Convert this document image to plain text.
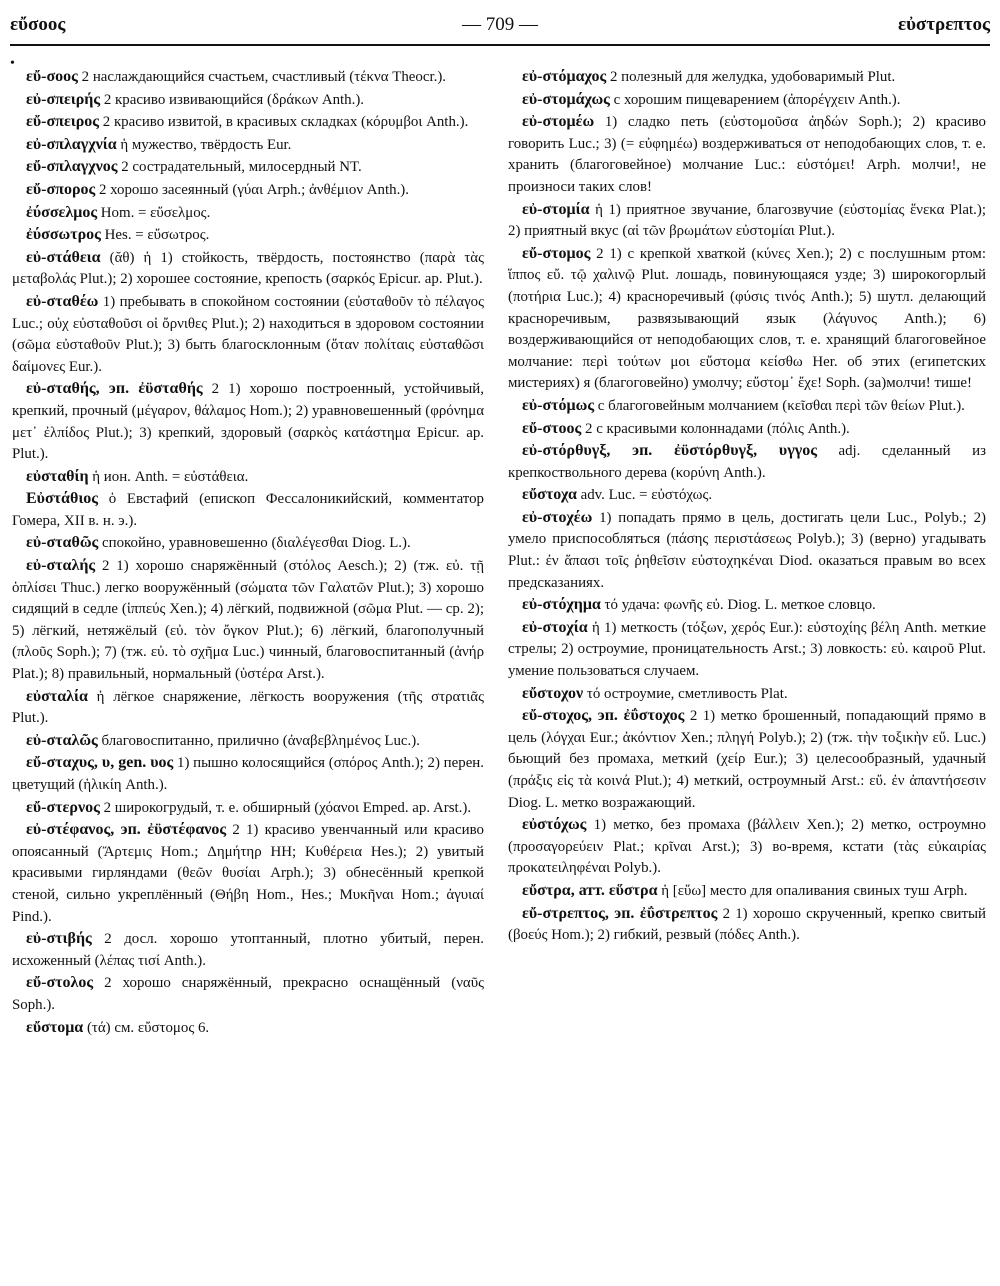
εὔσοος	— 709 —	εὐστρεπτος
•

εὔ-σοος 2 наслаждающийся счастьем, счастливый (τέκνα Theocr.).

εὐ-σπειρής 2 красиво извивающийся (δράκων Anth.).

εὔ-σπειρος 2 красиво извитой, в красивых складках (κόρυμβοι Anth.).

εὐ-σπλαγχνία ἡ мужество, твёрдость Eur.

εὔ-σπλαγχνος 2 сострадательный, милосердный NT.

εὔ-σπορος 2 хорошо засеянный (γύαι Arph.; ἀνθέμιον Anth.).

ἐύσσελμος Hom. = εὔσελμος.

ἐύσσωτρος Hes. = εὔσωτρος.

εὐ-στάθεια (ᾰθ) ἡ 1) стойкость, твёрдость, постоянство (παρὰ τὰς μεταβολάς Plut.); 2) хорошее состояние, крепость (σαρκός Epicur. ap. Plut.).

εὐ-σταθέω 1) пребывать в спокойном состоянии (εὐσταθοῦν τὸ πέλαγος Luc.; οὐχ εὐσταθοῦσι οἱ ὄρνιθες Plut.); 2) находиться в здоровом состоянии (σῶμα εὐσταθοῦν Plut.); 3) быть благосклонным (ὅταν πολίταις εὐσταθῶσι δαίμονες Eur.).

εὐ-σταθής, эп. ἐϋσταθής 2 1) хорошо построенный, устойчивый, крепкий, прочный (μέγαρον, θάλαμος Hom.); 2) уравновешенный (φρόνημα μετ᾽ ἐλπίδος Plut.); 3) крепкий, здоровый (σαρκὸς κατάστημα Epicur. ap. Plut.).

εὐσταθίη ἡ ион. Anth. = εὐστάθεια.

Εὐστάθιος ὁ Евстафий (епископ Фессалоникийский, комментатор Гомера, XII в. н. э.).

εὐ-σταθῶς спокойно, уравновешенно (διαλέγεσθαι Diog. L.).

εὐ-σταλής 2 1) хорошо снаряжённый (στόλος Aesch.); 2) (тж. εὐ. τῇ ὁπλίσει Thuc.) легко вооружённый (σώματα τῶν Γαλατῶν Plut.); 3) хорошо сидящий в седле (ἱππεύς Xen.); 4) лёгкий, подвижной (σῶμα Plut. — ср. 2); 5) лёгкий, нетяжёлый (εὐ. τὸν ὄγκον Plut.); 6) лёгкий, благополучный (πλοῦς Soph.); 7) (тж. εὐ. τὸ σχῆμα Luc.) чинный, благовоспитанный (ἀνήρ Plat.); 8) правильный, нормальный (ὑστέρα Arst.).

εὐσταλία ἡ лёгкое снаряжение, лёгкость вооружения (τῆς στρατιᾶς Plut.).

εὐ-σταλῶς благовоспитанно, прилично (ἀναβεβλημένος Luc.).

εὔ-σταχυς, υ, gen. υος 1) пышно колосящийся (σπόρος Anth.); 2) перен. цветущий (ἡλικίη Anth.).

εὔ-στερνος 2 широкогрудый, т. е. обширный (χόανοι Emped. ap. Arst.).

εὐ-στέφανος, эп. ἐϋστέφανος 2 1) красиво увенчанный или красиво опоясанный (Ἄρτεμις Hom.; Δημήτηρ HH; Κυθέρεια Hes.); 2) увитый красивыми гирляндами (θεῶν θυσίαι Arph.); 3) обнесённый крепкой стеной, сильно укреплённый (Θήβη Hom., Hes.; Μυκῆναι Hom.; ἀγυιαί Pind.).

εὐ-στιβής 2 досл. хорошо утоптанный, плотно убитый, перен. исхоженный (λέπας τισί Anth.).

εὔ-στολος 2 хорошо снаряжённый, прекрасно оснащённый (ναῦς Soph.).

εὔστομα (τά) см. εὔστομος 6.

εὐ-στόμαχος 2 полезный для желудка, удобоваримый Plut.

εὐ-στομάχως с хорошим пищеварением (ἀπορέγχειν Anth.).

εὐ-στομέω 1) сладко петь (εὐστομοῦσα ἀηδών Soph.); 2) красиво говорить Luc.; 3) (= εὐφημέω) воздерживаться от неподобающих слов, т. е. хранить (благоговейное) молчание Luc.: εὐστόμει! Arph. молчи!, не произноси таких слов!

εὐ-στομία ἡ 1) приятное звучание, благозвучие (εὐστομίας ἕνεκα Plat.); 2) приятный вкус (αἱ τῶν βρωμάτων εὐστομίαι Plut.).

εὔ-στομος 2 1) с крепкой хваткой (κύνες Xen.); 2) с послушным ртом: ἵππος εὔ. τῷ χαλινῷ Plut. лошадь, повинующаяся узде; 3) широкогорлый (ποτήρια Luc.); 4) красноречивый (φύσις τινός Anth.); 5) шутл. делающий красноречивым, развязывающий язык (λάγυνος Anth.); 6) воздерживающийся от неподобающих слов, т. е. хранящий благоговейное молчание: περὶ τούτων μοι εὔστομα κείσθω Her. об этих (египетских мистериях) я (благоговейно) умолчу; εὔστομ᾽ ἔχε! Soph. (за)молчи! тише!

εὐ-στόμως с благоговейным молчанием (κεῖσθαι περὶ τῶν θείων Plut.).

εὔ-στοος 2 с красивыми колоннадами (πόλις Anth.).

εὐ-στόρθυγξ, эп. ἐϋστόρθυγξ, υγγος adj. сделанный из крепкоствольного дерева (κορύνη Anth.).

εὔστοχα adv. Luc. = εὐστόχως.

εὐ-στοχέω 1) попадать прямо в цель, достигать цели Luc., Polyb.; 2) умело приспособляться (πάσης περιστάσεως Polyb.); 3) (верно) угадывать Plut.: ἐν ἅπασι τοῖς ῥηθεῖσιν εὐστοχηκέναι Diod. оказаться правым во всех предсказаниях.

εὐ-στόχημα τό удача: φωνῆς εὐ. Diog. L. меткое словцо.

εὐ-στοχία ἡ 1) меткость (τόξων, χερός Eur.): εὐστοχίης βέλη Anth. меткие стрелы; 2) остроумие, проницательность Arst.; 3) ловкость: εὐ. καιροῦ Plut. умение пользоваться случаем.

εὔστοχον τό остроумие, сметливость Plat.

εὔ-στοχος, эп. ἐΰστοχος 2 1) метко брошенный, попадающий прямо в цель (λόγχαι Eur.; ἀκόντιον Xen.; πληγή Polyb.); 2) (тж. τὴν τοξικὴν εὔ. Luc.) бьющий без промаха, меткий (χείρ Eur.); 3) целесообразный, удачный (πράξις εἰς τὰ κοινά Plut.); 4) меткий, остроумный Arst.: εὔ. ἐν ἀπαντήσεσιν Diog. L. метко возражающий.

εὐστόχως 1) метко, без промаха (βάλλειν Xen.); 2) метко, остроумно (προσαγορεύειν Plat.; κρῖναι Arst.); 3) во-время, кстати (τὰς εὐκαιρίας προκατειληφέναι Polyb.).

εὔστρα, атт. εὕστρα ἡ [εὕω] место для опаливания свиных туш Arph.

εὔ-στρεπτος, эп. ἐΰστρεπτος 2 1) хорошо скрученный, крепко свитый (βοεύς Hom.); 2) гибкий, резвый (πόδες Anth.).
